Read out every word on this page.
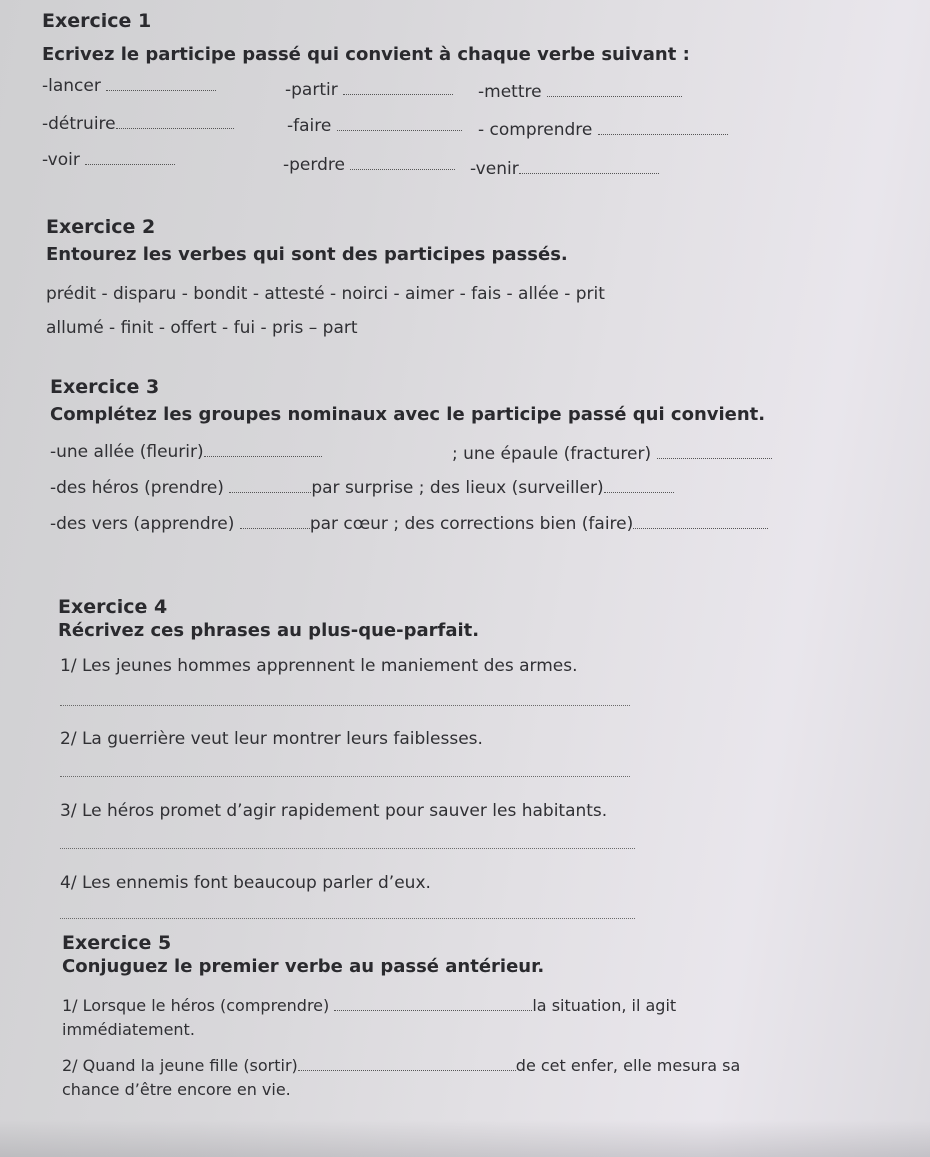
Exercice 1
Ecrivez le participe passé qui convient à chaque verbe suivant :
-lancer	-partir	-mettre
-détruire	-faire	- comprendre
-voir	-perdre	-venir
Exercice 2
Entourez les verbes qui sont des participes passés.
prédit - disparu - bondit - attesté - noirci - aimer - fais - allée - prit
allumé - finit - offert - fui - pris – part
Exercice 3
Complétez les groupes nominaux avec le participe passé qui convient.
-une allée (fleurir)	; une épaule (fracturer)
-des héros (prendre)	par surprise ; des lieux (surveiller)
-des vers (apprendre)	par cœur ; des corrections bien (faire)
Exercice 4
Récrivez ces phrases au plus-que-parfait.
1/ Les jeunes hommes apprennent le maniement des armes.
2/ La guerrière veut leur montrer leurs faiblesses.
3/ Le héros promet d’agir rapidement pour sauver les habitants.
4/ Les ennemis font beaucoup parler d’eux.
Exercice 5
Conjuguez le premier verbe au passé antérieur.
1/ Lorsque le héros (comprendre)	la situation, il agit
immédiatement.
2/ Quand la jeune fille (sortir)	de cet enfer, elle mesura sa
chance d’être encore en vie.
